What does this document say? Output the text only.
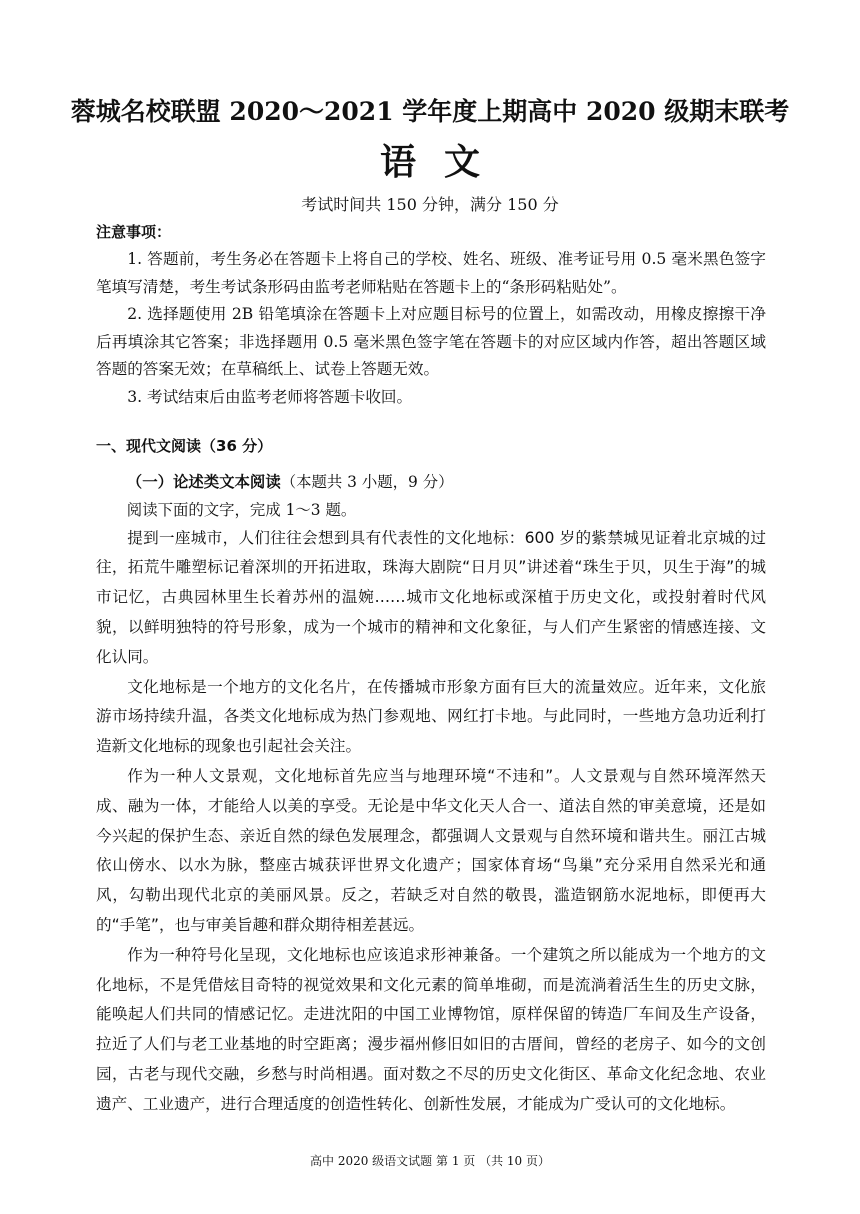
蓉城名校联盟 2020～2021 学年度上期高中 2020 级期末联考
语文
考试时间共 150 分钟，满分 150 分
注意事项：

1. 答题前，考生务必在答题卡上将自己的学校、姓名、班级、准考证号用 0.5 毫米黑色签字笔填写清楚，考生考试条形码由监考老师粘贴在答题卡上的“条形码粘贴处”。

2. 选择题使用 2B 铅笔填涂在答题卡上对应题目标号的位置上，如需改动，用橡皮擦擦干净后再填涂其它答案；非选择题用 0.5 毫米黑色签字笔在答题卡的对应区域内作答，超出答题区域答题的答案无效；在草稿纸上、试卷上答题无效。

3. 考试结束后由监考老师将答题卡收回。

一、现代文阅读（36 分）
（一）论述类文本阅读（本题共 3 小题，9 分）
阅读下面的文字，完成 1～3 题。

提到一座城市，人们往往会想到具有代表性的文化地标：600 岁的紫禁城见证着北京城的过往，拓荒牛雕塑标记着深圳的开拓进取，珠海大剧院“日月贝”讲述着“珠生于贝，贝生于海”的城市记忆，古典园林里生长着苏州的温婉……城市文化地标或深植于历史文化，或投射着时代风貌，以鲜明独特的符号形象，成为一个城市的精神和文化象征，与人们产生紧密的情感连接、文化认同。

文化地标是一个地方的文化名片，在传播城市形象方面有巨大的流量效应。近年来，文化旅游市场持续升温，各类文化地标成为热门参观地、网红打卡地。与此同时，一些地方急功近利打造新文化地标的现象也引起社会关注。

作为一种人文景观，文化地标首先应当与地理环境“不违和”。人文景观与自然环境浑然天成、融为一体，才能给人以美的享受。无论是中华文化天人合一、道法自然的审美意境，还是如今兴起的保护生态、亲近自然的绿色发展理念，都强调人文景观与自然环境和谐共生。丽江古城依山傍水、以水为脉，整座古城获评世界文化遗产；国家体育场“鸟巢”充分采用自然采光和通风，勾勒出现代北京的美丽风景。反之，若缺乏对自然的敬畏，滥造钢筋水泥地标，即便再大的“手笔”，也与审美旨趣和群众期待相差甚远。

作为一种符号化呈现，文化地标也应该追求形神兼备。一个建筑之所以能成为一个地方的文化地标，不是凭借炫目奇特的视觉效果和文化元素的简单堆砌，而是流淌着活生生的历史文脉，能唤起人们共同的情感记忆。走进沈阳的中国工业博物馆，原样保留的铸造厂车间及生产设备，拉近了人们与老工业基地的时空距离；漫步福州修旧如旧的古厝间，曾经的老房子、如今的文创园，古老与现代交融，乡愁与时尚相遇。面对数之不尽的历史文化街区、革命文化纪念地、农业遗产、工业遗产，进行合理适度的创造性转化、创新性发展，才能成为广受认可的文化地标。

高中 2020 级语文试题 第 1 页 （共 10 页）
